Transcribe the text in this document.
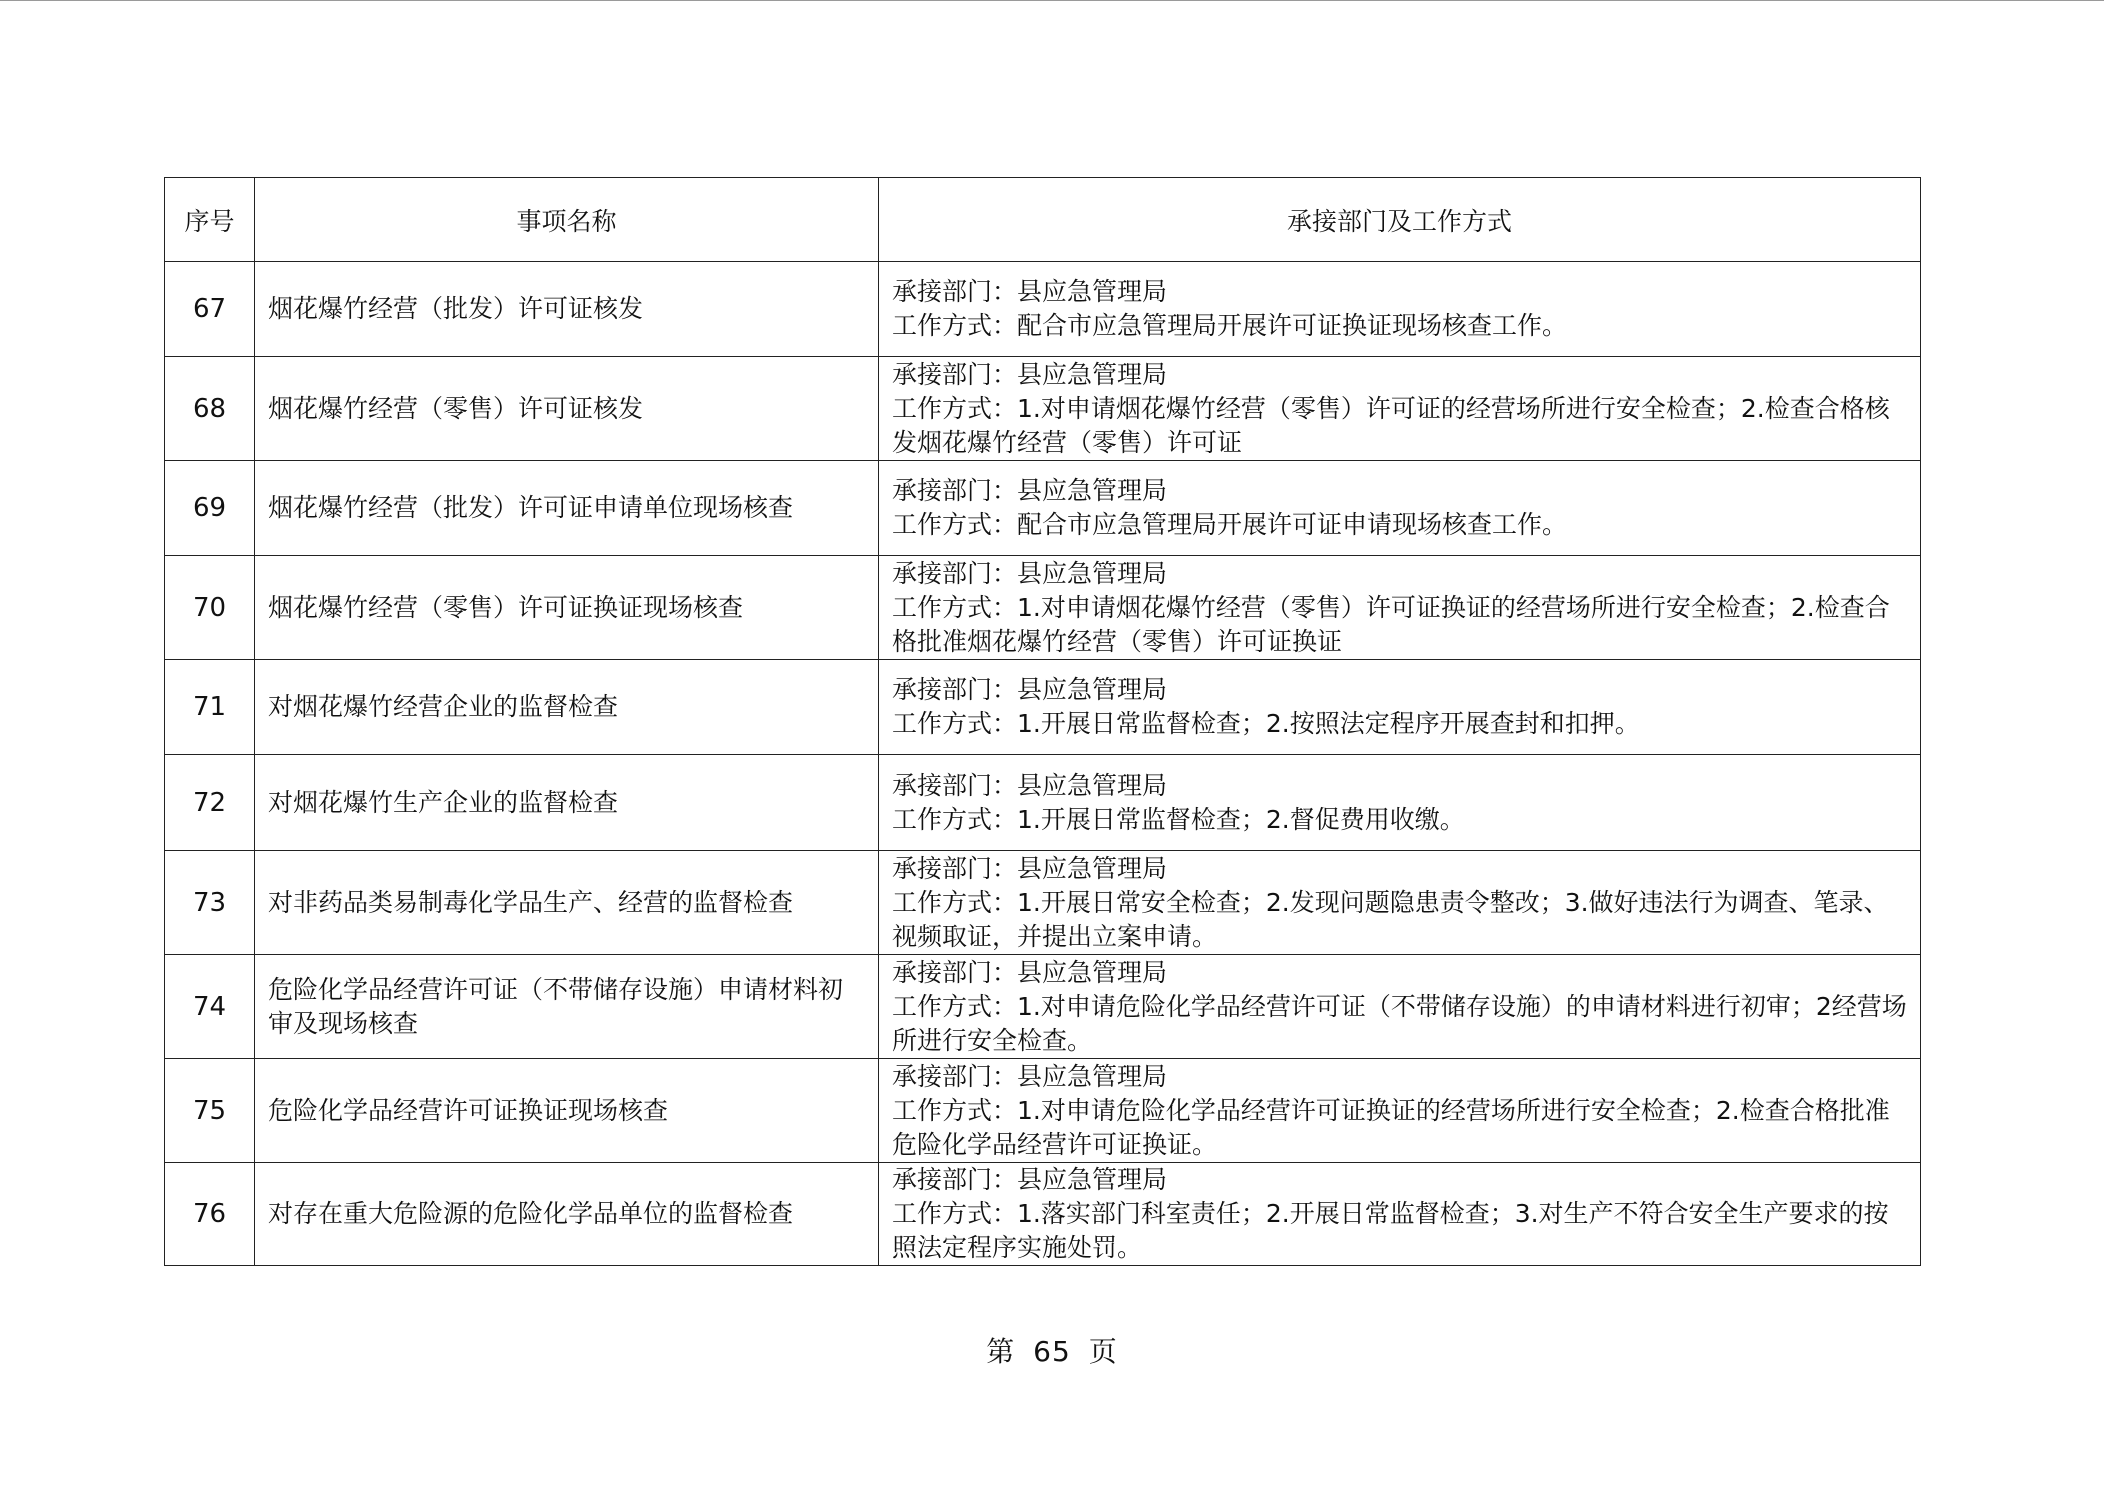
序号	事项名称	承接部门及工作方式
67	烟花爆竹经营（批发）许可证核发	承接部门：县应急管理局
工作方式：配合市应急管理局开展许可证换证现场核查工作。

68	烟花爆竹经营（零售）许可证核发	承接部门：县应急管理局
工作方式：1.对申请烟花爆竹经营（零售）许可证的经营场所进行安全检查；2.检查合格核发烟花爆竹经营（零售）许可证

69	烟花爆竹经营（批发）许可证申请单位现场核查	承接部门：县应急管理局
工作方式：配合市应急管理局开展许可证申请现场核查工作。

70	烟花爆竹经营（零售）许可证换证现场核查	承接部门：县应急管理局
工作方式：1.对申请烟花爆竹经营（零售）许可证换证的经营场所进行安全检查；2.检查合格批准烟花爆竹经营（零售）许可证换证

71	对烟花爆竹经营企业的监督检查	承接部门：县应急管理局
工作方式：1.开展日常监督检查；2.按照法定程序开展查封和扣押。

72	对烟花爆竹生产企业的监督检查	承接部门：县应急管理局
工作方式：1.开展日常监督检查；2.督促费用收缴。

73	对非药品类易制毒化学品生产、经营的监督检查	承接部门：县应急管理局
工作方式：1.开展日常安全检查；2.发现问题隐患责令整改；3.做好违法行为调查、笔录、视频取证，并提出立案申请。

74	危险化学品经营许可证（不带储存设施）申请材料初审及现场核查	承接部门：县应急管理局
工作方式：1.对申请危险化学品经营许可证（不带储存设施）的申请材料进行初审；2经营场所进行安全检查。

75	危险化学品经营许可证换证现场核查	承接部门：县应急管理局
工作方式：1.对申请危险化学品经营许可证换证的经营场所进行安全检查；2.检查合格批准危险化学品经营许可证换证。

76	对存在重大危险源的危险化学品单位的监督检查	承接部门：县应急管理局
工作方式：1.落实部门科室责任；2.开展日常监督检查；3.对生产不符合安全生产要求的按照法定程序实施处罚。
第 65 页
